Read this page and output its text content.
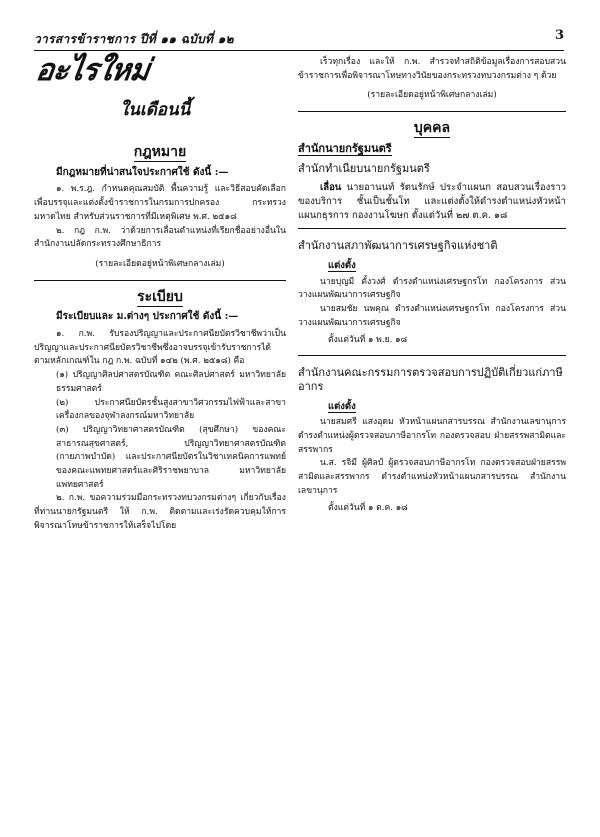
วารสารข้าราชการ ปีที่ ๑๑ ฉบับที่ ๑๒	3
อะไรใหม่
ในเดือนนี้
กฎหมาย
มีกฎหมายที่น่าสนใจประกาศใช้ ดังนี้ :—
๑. พ.ร.ฎ. กำหนดคุณสมบัติ พื้นความรู้ และวิธีสอบคัดเลือก เพื่อบรรจุและแต่งตั้งข้าราชการในกรมการปกครอง กระทรวงมหาดไทย สำหรับส่วนราชการที่มีเหตุพิเศษ พ.ศ. ๒๕๑๘
๒. กฎ ก.พ. ว่าด้วยการเลื่อนตำแหน่งที่เรียกชื่ออย่างอื่นในสำนักงานปลัดกระทรวงศึกษาธิการ
(รายละเอียดอยู่หน้าพิเศษกลางเล่ม)
ระเบียบ
มีระเบียบและ ม.ต่างๆ ประกาศใช้ ดังนี้ :—
๑. ก.พ. รับรองปริญญาและประกาศนียบัตรวิชาชีพว่าเป็นปริญญาและประกาศนียบัตรวิชาชีพซึ่งอาจบรรจุเข้ารับราชการได้ตามหลักเกณฑ์ใน กฎ ก.พ. ฉบับที่ ๑๔๒ (พ.ศ. ๒๕๑๘) คือ
(๑) ปริญญาศิลปศาสตรบัณฑิต คณะศิลปศาสตร์ มหาวิทยาลัยธรรมศาสตร์
(๒) ประกาศนียบัตรชั้นสูงสาขาวิศวกรรมไฟฟ้าและสาขาเครื่องกลของจุฬาลงกรณ์มหาวิทยาลัย
(๓) ปริญญาวิทยาศาสตรบัณฑิต (สุขศึกษา) ของคณะสาธารณสุขศาสตร์, ปริญญาวิทยาศาสตรบัณฑิต (กายภาพบำบัด) และประกาศนียบัตรในวิชาเทคนิคการแพทย์ ของคณะแพทยศาสตร์และศิริราชพยาบาล มหาวิทยาลัยแพทยศาสตร์
๒. ก.พ. ขอความร่วมมือกระทรวงทบวงกรมต่างๆ เกี่ยวกับเรื่องที่ท่านนายกรัฐมนตรี ให้ ก.พ. ติดตามและเร่งรัดควบคุมให้การพิจารณาโทษข้าราชการให้เสร็จไปโดย
เร็วทุกเรื่อง และให้ ก.พ. สำรวจทำสถิติข้อมูลเรื่องการสอบสวนข้าราชการเพื่อพิจารณาโทษทางวินัยของกระทรวงทบวงกรมต่าง ๆ ด้วย
(รายละเอียดอยู่หน้าพิเศษกลางเล่ม)
บุคคล
สำนักนายกรัฐมนตรี
สำนักทำเนียบนายกรัฐมนตรี
เลื่อน นายอานนท์ รัตนรักษ์ ประจำแผนก สอบสวนเรื่องราวของบริการ ชั้นเป็นชั้นโท และแต่งตั้งให้ดำรงตำแหน่งหัวหน้าแผนกธุรการ กองงานโฆษก ตั้งแต่วันที่ ๒๗ ต.ค. ๑๘
สำนักงานสภาพัฒนาการเศรษฐกิจแห่งชาติ
แต่งตั้ง
นายบุญมี ตั้งวงศ์ ดำรงตำแหน่งเศรษฐกรโท กองโครงการ ส่วนวางแผนพัฒนาการเศรษฐกิจ
นายสมชัย นพคุณ ดำรงตำแหน่งเศรษฐกรโท กองโครงการ ส่วนวางแผนพัฒนาการเศรษฐกิจ
ตั้งแต่วันที่ ๑ พ.ย. ๑๘
สำนักงานคณะกรรมการตรวจสอบการปฏิบัติเกี่ยวแก่ภาษีอากร
แต่งตั้ง
นายสมศรี แสงอุดม หัวหน้าแผนกสารบรรณ สำนักงานเลขานุการ ดำรงตำแหน่งผู้ตรวจสอบภาษีอากรโท กองตรวจสอบ ฝ่ายสรรพสามิตและสรรพากร
น.ส. รจิมี ผู้ศิลป์ ผู้ตรวจสอบภาษีอากรโท กองตรวจสอบฝ่ายสรรพสามิตและสรรพากร ดำรงตำแหน่งหัวหน้าแผนกสารบรรณ สำนักงานเลขานุการ
ตั้งแต่วันที่ ๑ ต.ค. ๑๘
